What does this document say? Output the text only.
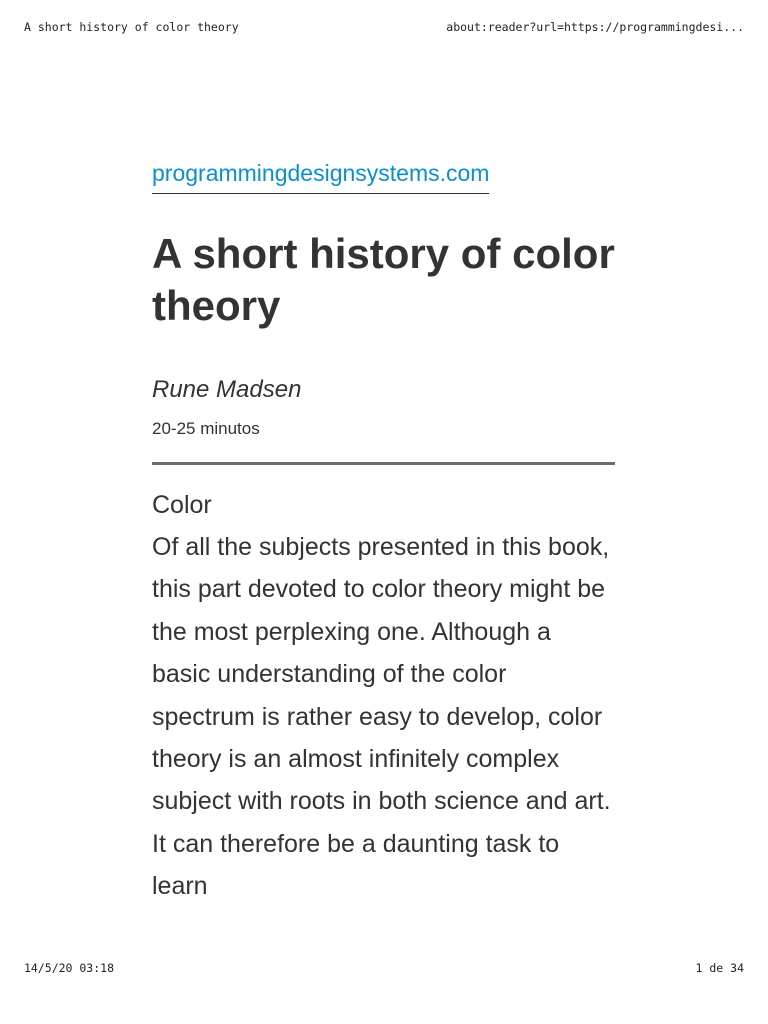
A short history of color theory	about:reader?url=https://programmingdesi...
programmingdesignsystems.com
A short history of color theory
Rune Madsen
20-25 minutos
Color

Of all the subjects presented in this book, this part devoted to color theory might be the most perplexing one. Although a basic understanding of the color spectrum is rather easy to develop, color theory is an almost infinitely complex subject with roots in both science and art. It can therefore be a daunting task to learn

14/5/20 03:18	1 de 34
